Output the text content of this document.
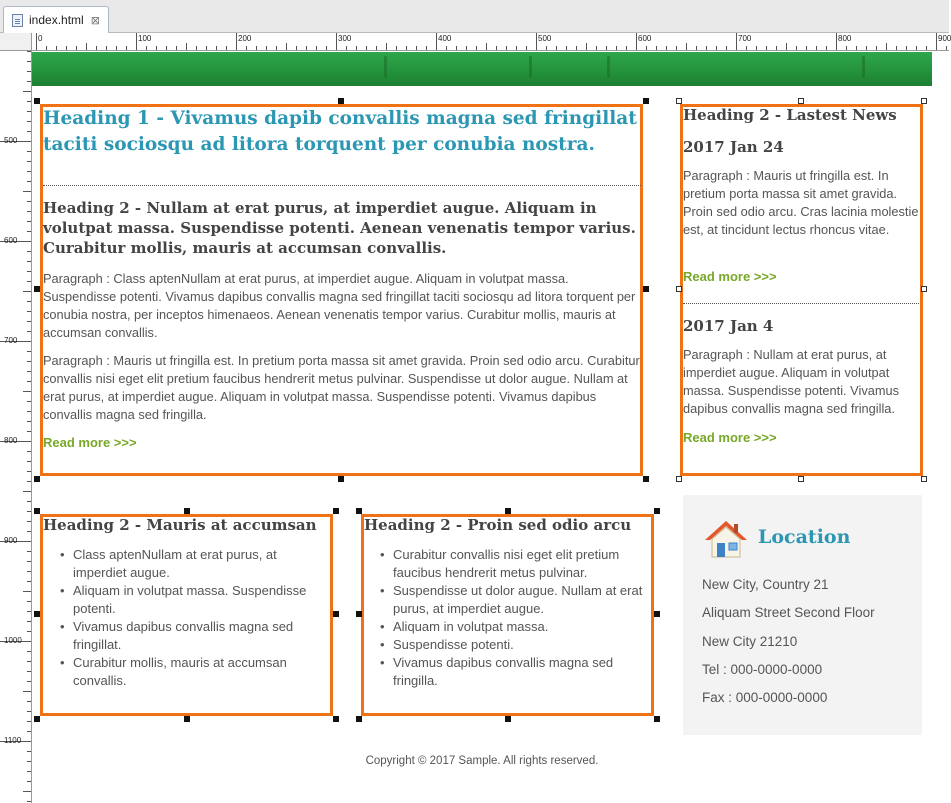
index.html ⊠
0	100	200	300	400	500	600	700	800	900
500
600
700
800
900
1000
1100
Heading 1 - Vivamus dapib convallis magna sed fringillat taciti sociosqu ad litora torquent per conubia nostra.
Heading 2 - Nullam at erat purus, at imperdiet augue. Aliquam in volutpat massa. Suspendisse potenti. Aenean venenatis tempor varius. Curabitur mollis, mauris at accumsan convallis.

Paragraph : Class aptenNullam at erat purus, at imperdiet augue. Aliquam in volutpat massa. Suspendisse potenti. Vivamus dapibus convallis magna sed fringillat taciti sociosqu ad litora torquent per conubia nostra, per inceptos himenaeos. Aenean venenatis tempor varius. Curabitur mollis, mauris at accumsan convallis.

Paragraph : Mauris ut fringilla est. In pretium porta massa sit amet gravida. Proin sed odio arcu. Curabitur convallis nisi eget elit pretium faucibus hendrerit metus pulvinar. Suspendisse ut dolor augue. Nullam at erat purus, at imperdiet augue. Aliquam in volutpat massa. Suspendisse potenti. Vivamus dapibus convallis magna sed fringilla.

Read more >>>
Heading 2 - Lastest News
2017 Jan 24

Paragraph : Mauris ut fringilla est. In pretium porta massa sit amet gravida. Proin sed odio arcu. Cras lacinia molestie est, at tincidunt lectus rhoncus vitae.

Read more >>>
2017 Jan 4

Paragraph : Nullam at erat purus, at imperdiet augue. Aliquam in volutpat massa. Suspendisse potenti. Vivamus dapibus convallis magna sed fringilla.

Read more >>>
Heading 2 - Mauris at accumsan
• Class aptenNullam at erat purus, at imperdiet augue.
• Aliquam in volutpat massa. Suspendisse potenti.
• Vivamus dapibus convallis magna sed fringillat.
• Curabitur mollis, mauris at accumsan convallis.
Heading 2 - Proin sed odio arcu
• Curabitur convallis nisi eget elit pretium faucibus hendrerit metus pulvinar.
• Suspendisse ut dolor augue. Nullam at erat purus, at imperdiet augue.
• Aliquam in volutpat massa.
• Suspendisse potenti.
• Vivamus dapibus convallis magna sed fringilla.
Location
New City, Country 21
Aliquam Street Second Floor
New City 21210
Tel : 000-0000-0000
Fax : 000-0000-0000
Copyright © 2017 Sample. All rights reserved.
